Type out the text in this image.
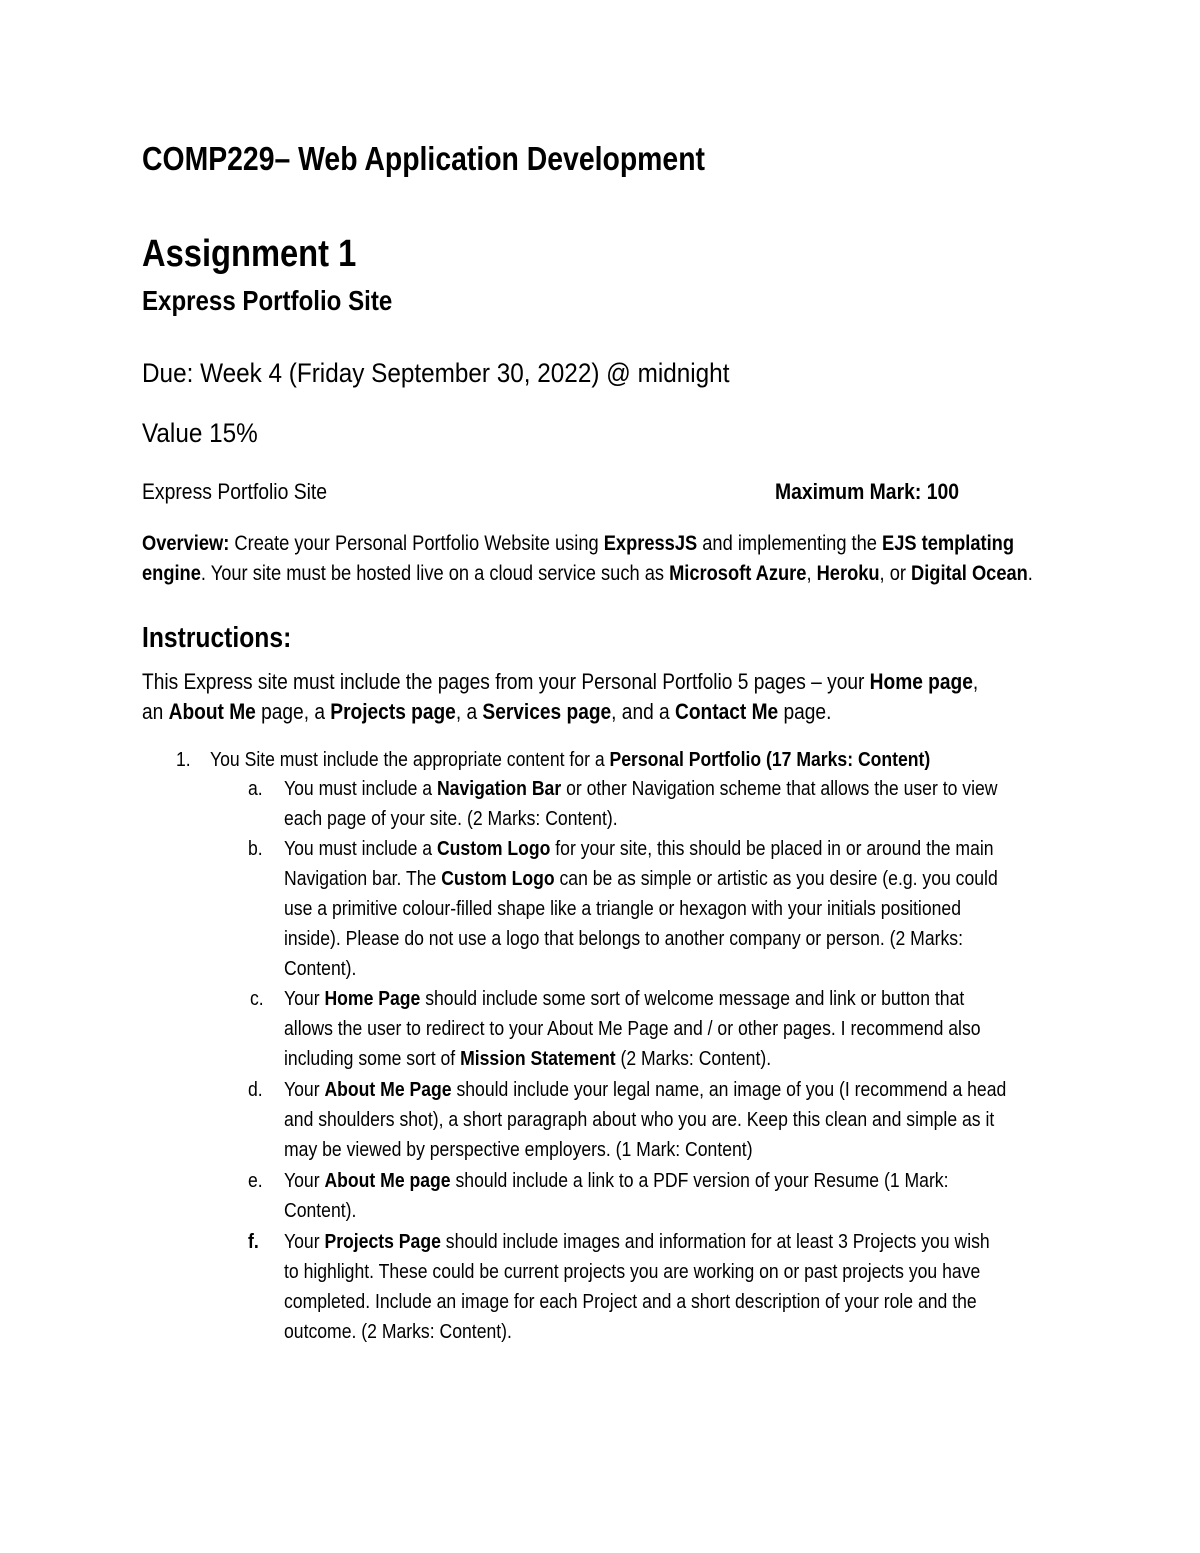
COMP229– Web Application Development
Assignment 1
Express Portfolio Site
Due: Week 4 (Friday September 30, 2022) @ midnight
Value 15%
Express Portfolio Site	Maximum Mark: 100
Overview: Create your Personal Portfolio Website using ExpressJS and implementing the EJS templating
engine. Your site must be hosted live on a cloud service such as Microsoft Azure, Heroku, or Digital Ocean.
Instructions:
This Express site must include the pages from your Personal Portfolio 5 pages – your Home page,
an About Me page, a Projects page, a Services page, and a Contact Me page.
1. You Site must include the appropriate content for a Personal Portfolio (17 Marks: Content)
a. You must include a Navigation Bar or other Navigation scheme that allows the user to view
each page of your site. (2 Marks: Content).
b. You must include a Custom Logo for your site, this should be placed in or around the main
Navigation bar. The Custom Logo can be as simple or artistic as you desire (e.g. you could
use a primitive colour-filled shape like a triangle or hexagon with your initials positioned
inside). Please do not use a logo that belongs to another company or person. (2 Marks:
Content).
c. Your Home Page should include some sort of welcome message and link or button that
allows the user to redirect to your About Me Page and / or other pages. I recommend also
including some sort of Mission Statement (2 Marks: Content).
d. Your About Me Page should include your legal name, an image of you (I recommend a head
and shoulders shot), a short paragraph about who you are. Keep this clean and simple as it
may be viewed by perspective employers. (1 Mark: Content)
e. Your About Me page should include a link to a PDF version of your Resume (1 Mark:
Content).
f. Your Projects Page should include images and information for at least 3 Projects you wish
to highlight. These could be current projects you are working on or past projects you have
completed. Include an image for each Project and a short description of your role and the
outcome. (2 Marks: Content).
